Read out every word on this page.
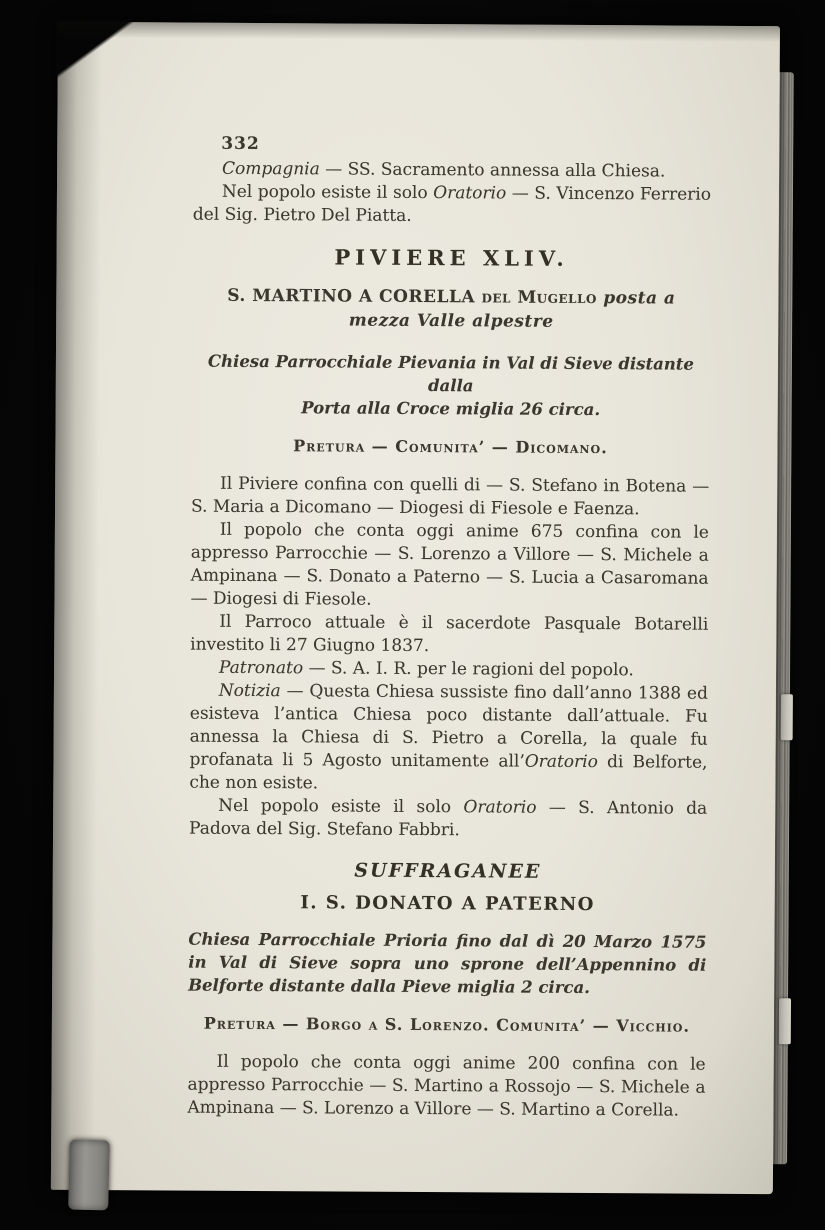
332

Compagnia — SS. Sacramento annessa alla Chiesa.

Nel popolo esiste il solo Oratorio — S. Vincenzo Ferrerio del Sig. Pietro Del Piatta.

PIVIERE XLIV.
S. MARTINO A CORELLA del Mugello posta a
mezza Valle alpestre
Chiesa Parrocchiale Pievania in Val di Sieve distante dalla
Porta alla Croce miglia 26 circa.
Pretura — Comunita’ — Dicomano.

Il Piviere confina con quelli di — S. Stefano in Botena — S. Maria a Dicomano — Diogesi di Fiesole e Faenza.

Il popolo che conta oggi anime 675 confina con le appresso Parrocchie — S. Lorenzo a Villore — S. Michele a Ampinana — S. Donato a Paterno — S. Lucia a Casaromana — Diogesi di Fiesole.

Il Parroco attuale è il sacerdote Pasquale Botarelli investito li 27 Giugno 1837.

Patronato — S. A. I. R. per le ragioni del popolo.

Notizia — Questa Chiesa sussiste fino dall’anno 1388 ed esisteva l’antica Chiesa poco distante dall’attuale. Fu annessa la Chiesa di S. Pietro a Corella, la quale fu profanata li 5 Agosto unitamente all’Oratorio di Belforte, che non esiste.

Nel popolo esiste il solo Oratorio — S. Antonio da Padova del Sig. Stefano Fabbri.

SUFFRAGANEE
I. S. DONATO A PATERNO
Chiesa Parrocchiale Prioria fino dal dì 20 Marzo 1575 in Val di Sieve sopra uno sprone dell’Appennino di Belforte distante dalla Pieve miglia 2 circa.
Pretura — Borgo a S. Lorenzo. Comunita’ — Vicchio.

Il popolo che conta oggi anime 200 confina con le appresso Parrocchie — S. Martino a Rossojo — S. Michele a Ampinana — S. Lorenzo a Villore — S. Martino a Corella.
